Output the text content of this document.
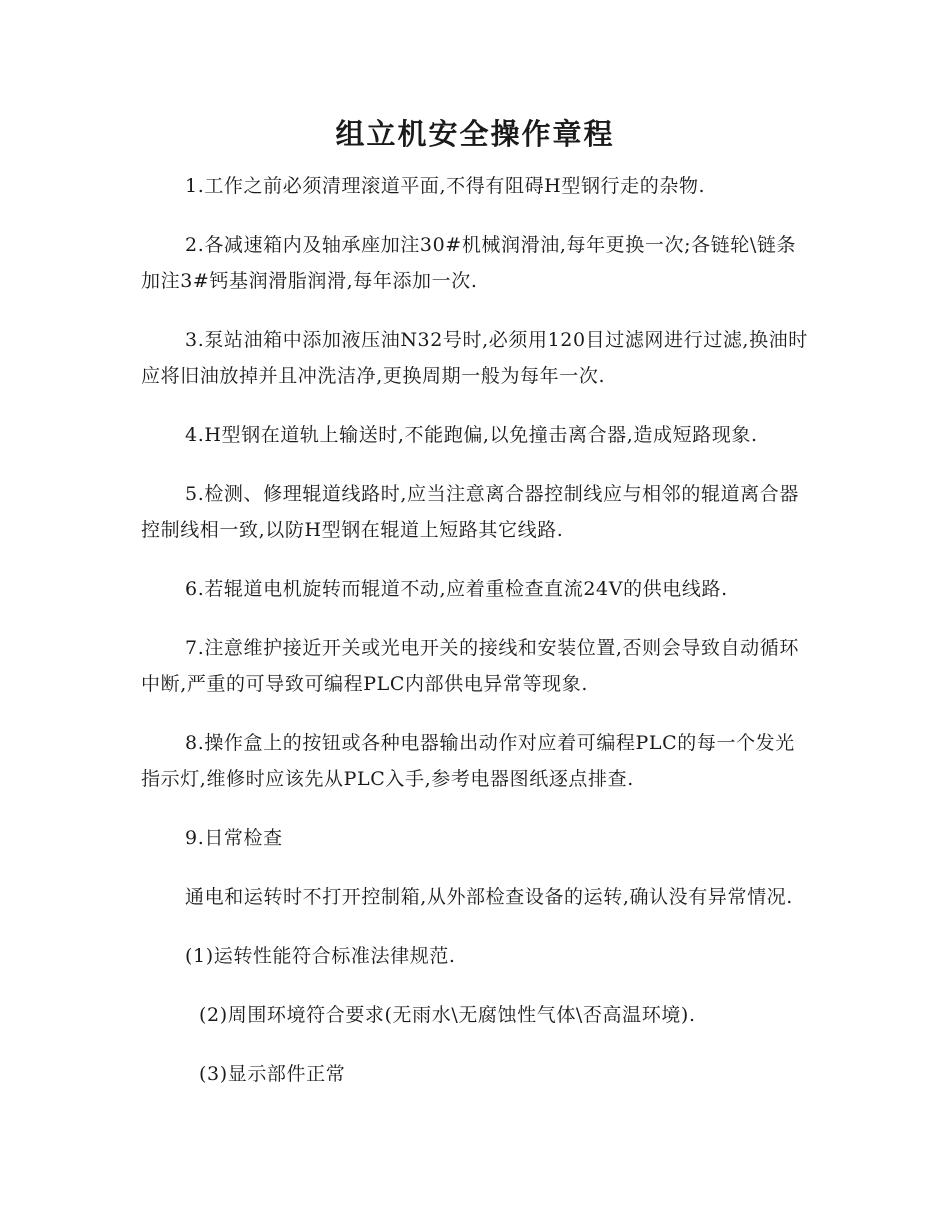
组立机安全操作章程

1.工作之前必须清理滚道平面,不得有阻碍H型钢行走的杂物.

2.各减速箱内及轴承座加注30#机械润滑油,每年更换一次;各链轮\链条加注3#钙基润滑脂润滑,每年添加一次.

3.泵站油箱中添加液压油N32号时,必须用120目过滤网进行过滤,换油时应将旧油放掉并且冲洗洁净,更换周期一般为每年一次.

4.H型钢在道轨上输送时,不能跑偏,以免撞击离合器,造成短路现象.

5.检测、修理辊道线路时,应当注意离合器控制线应与相邻的辊道离合器控制线相一致,以防H型钢在辊道上短路其它线路.

6.若辊道电机旋转而辊道不动,应着重检查直流24V的供电线路.

7.注意维护接近开关或光电开关的接线和安装位置,否则会导致自动循环中断,严重的可导致可编程PLC内部供电异常等现象.

8.操作盒上的按钮或各种电器输出动作对应着可编程PLC的每一个发光指示灯,维修时应该先从PLC入手,参考电器图纸逐点排查.

9.日常检查

通电和运转时不打开控制箱,从外部检查设备的运转,确认没有异常情况.

(1)运转性能符合标准法律规范.

(2)周围环境符合要求(无雨水\无腐蚀性气体\否高温环境).

(3)显示部件正常
